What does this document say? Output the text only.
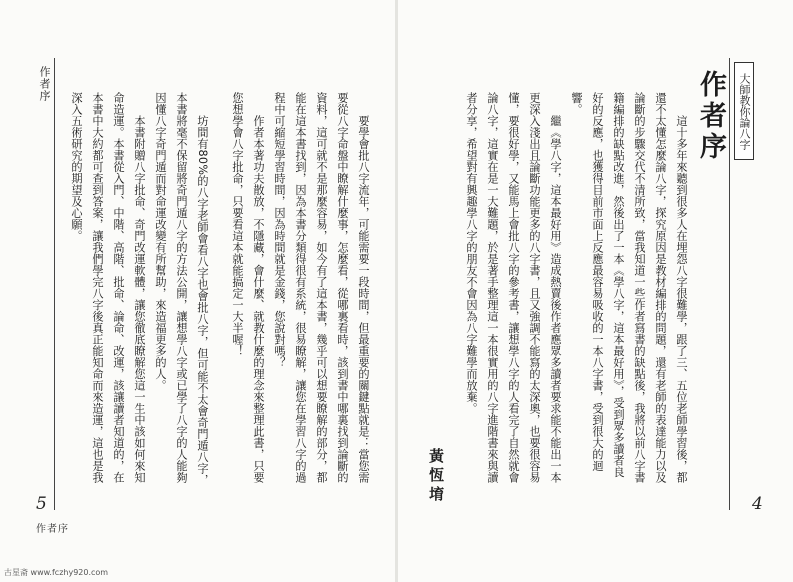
大師教你論八字
作者序

這十多年來聽到很多人在埋怨八字很難學，跟了三、五位老師學習後，都還不太懂怎麼論八字，探究原因是教材編排的問題，還有老師的表達能力以及論斷的步驟交代不清所致，當我知道一些作者寫書的缺點後，我將以前八字書籍編排的缺點改進，然後出了一本《學八字，這本最好用》，受到眾多讀者良好的反應，也獲得目前市面上反應最容易吸收的一本八字書，受到很大的迴響。

繼《學八字，這本最好用》造成熱賣後作者應眾多讀者要求能不能出一本更深入淺出且論斷功能更多的八字書，且又強調不能寫的太深奧，也要很容易懂，要很好學，又能馬上會批八字的參考書，讓想學八字的人看完了自然就會論八字，這實在是一大難題，於是著手整理這一本很實用的八字進階書來與讀者分享，希望對有興趣學八字的朋友不會因為八字難學而放棄。

黃恆堉	4
作者序

要學會批八字流年，可能需要一段時間，但最重要的關鍵點就是：當您需要從八字命盤中瞭解什麼事，怎麼看，從哪裏看時，該到書中哪裏找到論斷的資料，這可就不是那麼容易，如今有了這本書，幾乎可以想要瞭解的部分，都能在這本書找到，因為本書分類得很有系統，很易瞭解，讓您在學習八字的過程中可縮短學習時間，因為時間就是金錢，您說對嗎？

作者本著功夫散放，不隱藏，會什麼、就教什麼的理念來整理此書，只要您想學會八字批命，只要看這本就能搞定一大半喔！

坊間有80%的八字老師會看八字也會批八字，但可能不太會奇門遁八字，本書將毫不保留將奇門遁八字的方法公開，讓想學八字或已學了八字的人能夠因懂八字奇門遁而對命運改變有所幫助，來造福更多的人。

本書附贈八字批命、奇門改運軟體，讓您徹底瞭解您這一生中該如何來知命造運。本書從入門、中階、高階、批命、論命、改運，該讓讀者知道的，在本書中大約都可查到答案，讓我們學完八字後真正能知命而來造運，這也是我深入五術研究的期望及心願。

5
作者序
古星斋 www.fczhy920.com
